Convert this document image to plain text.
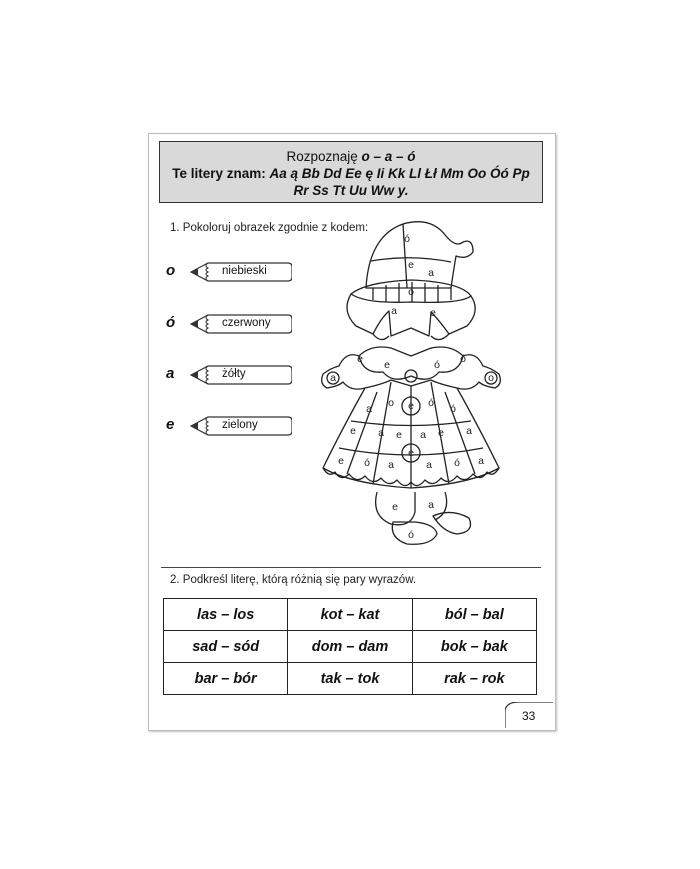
Rozpoznaję o – a – ó
Te litery znam: Aa ą Bb Dd Ee ę Ii Kk Ll Łł Mm Oo Óó Pp
Rr Ss Tt Uu Ww y.
1. Pokoloruj obrazek zgodnie z kodem:
o	niebieski
ó	czerwony
a	żółty
e	zielony
ó
e
a
a	e
o
e	ó
e	ó
a	o
a	e
o	ó ó
e a e	e a
a
e
e ó a	a ó a
e	a
ó
2. Podkreśl literę, którą różnią się pary wyrazów.
las – los	kot – kat	ból – bal
sad – sód	dom – dam	bok – bak
bar – bór	tak – tok	rak – rok
33
